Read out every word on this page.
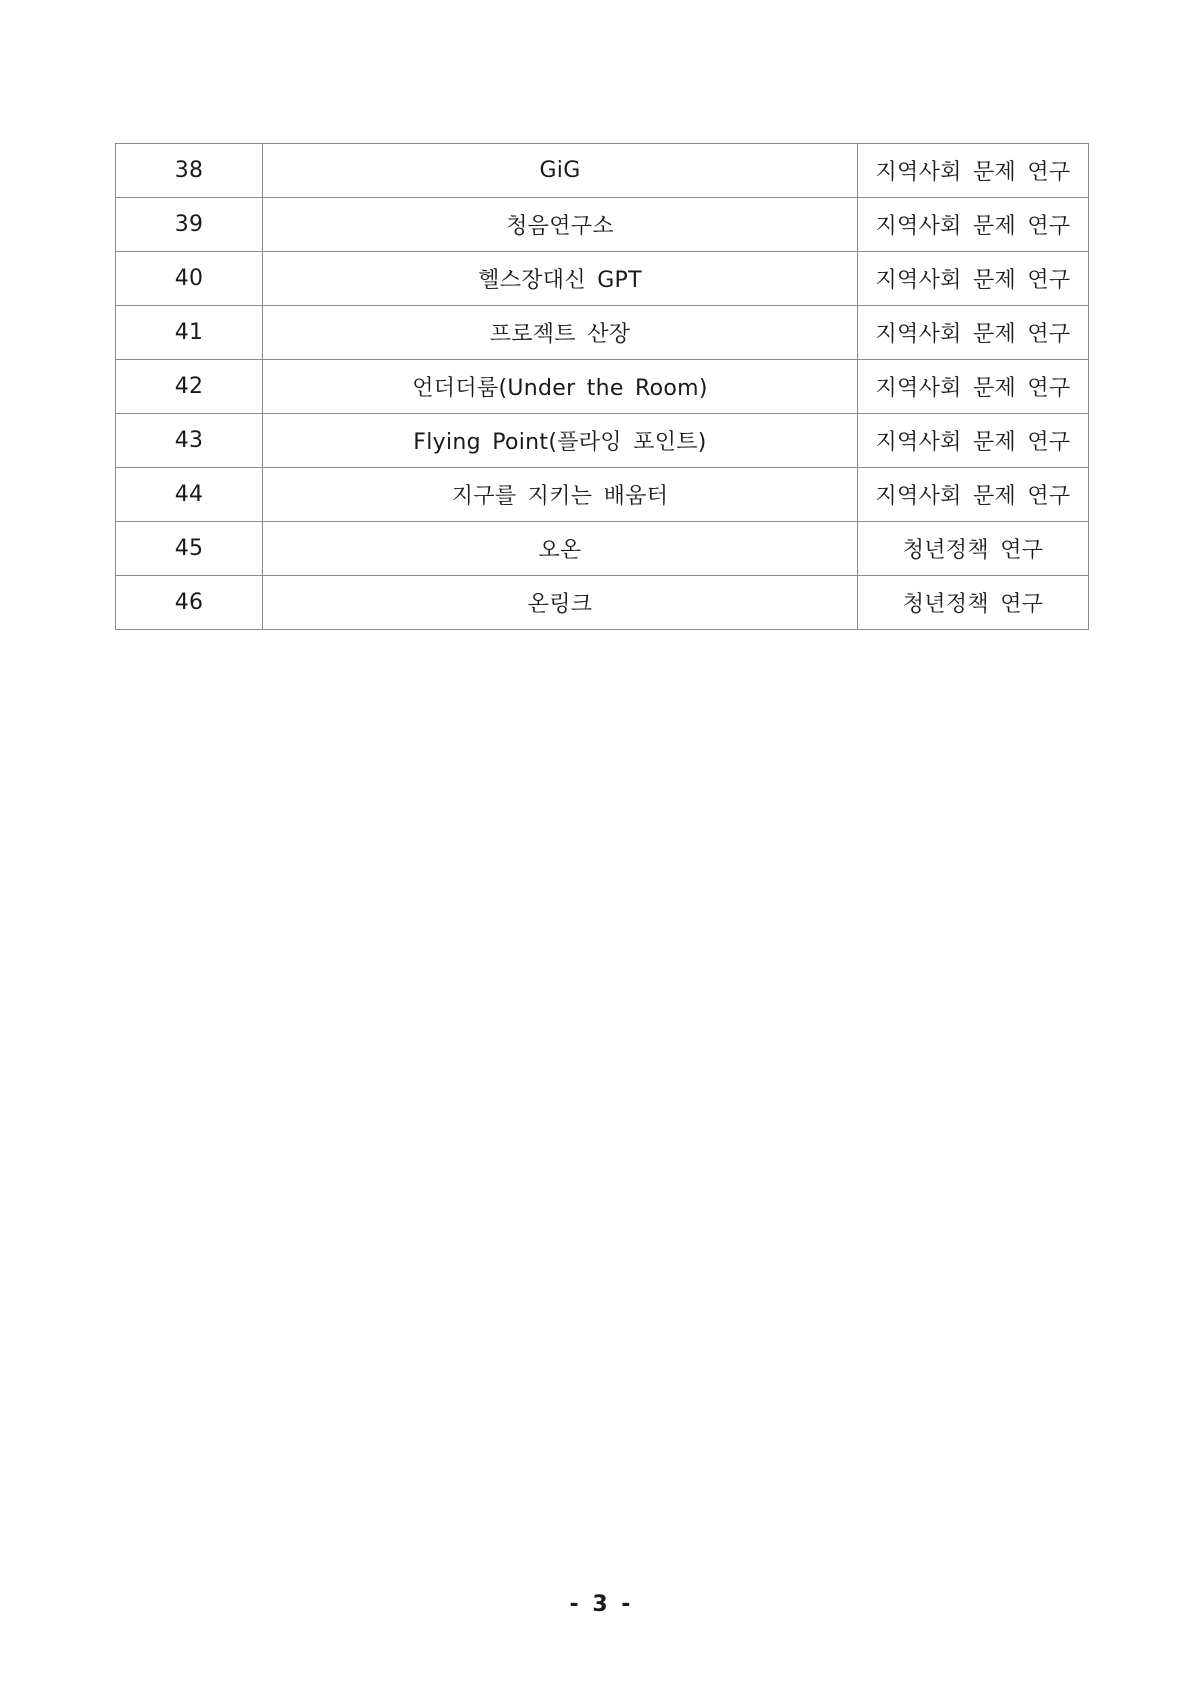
38	GiG	지역사회 문제 연구
39	청음연구소	지역사회 문제 연구
40	헬스장대신 GPT	지역사회 문제 연구
41	프로젝트 산장	지역사회 문제 연구
42	언더더룸(Under the Room)	지역사회 문제 연구
43	Flying Point(플라잉 포인트)	지역사회 문제 연구
44	지구를 지키는 배움터	지역사회 문제 연구
45	오온	청년정책 연구
46	온링크	청년정책 연구
- 3 -
